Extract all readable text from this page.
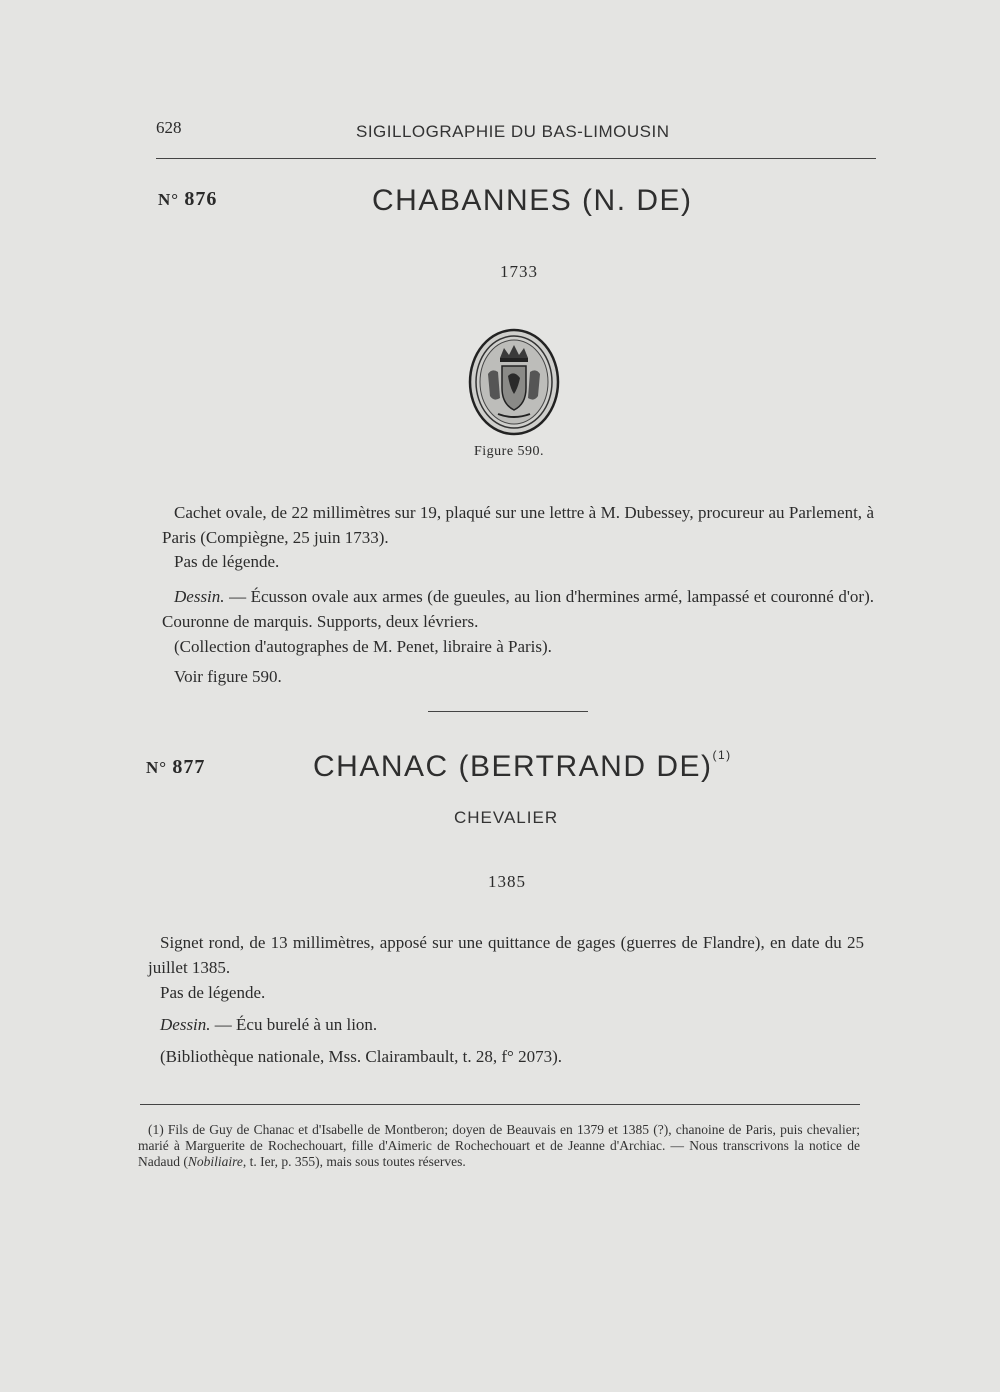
628	SIGILLOGRAPHIE DU BAS-LIMOUSIN
N° 876	CHABANNES (N. DE)
1733
Figure 590.
Cachet ovale, de 22 millimètres sur 19, plaqué sur une lettre à M. Dubessey, procureur au Parlement, à Paris (Compiègne, 25 juin 1733).
Pas de légende.
Dessin. — Écusson ovale aux armes (de gueules, au lion d'hermines armé, lampassé et couronné d'or). Couronne de marquis. Supports, deux lévriers.
(Collection d'autographes de M. Penet, libraire à Paris).
Voir figure 590.
N° 877	CHANAC (BERTRAND DE)$^{(1)}$
CHEVALIER
1385
Signet rond, de 13 millimètres, apposé sur une quittance de gages (guerres de Flandre), en date du 25 juillet 1385.
Pas de légende.
Dessin. — Écu burelé à un lion.
(Bibliothèque nationale, Mss. Clairambault, t. 28, f° 2073).
(1) Fils de Guy de Chanac et d'Isabelle de Montberon; doyen de Beauvais en 1379 et 1385 (?), chanoine de Paris, puis chevalier; marié à Marguerite de Rochechouart, fille d'Aimeric de Rochechouart et de Jeanne d'Archiac. — Nous transcrivons la notice de Nadaud (Nobiliaire, t. Ier, p. 355), mais sous toutes réserves.
